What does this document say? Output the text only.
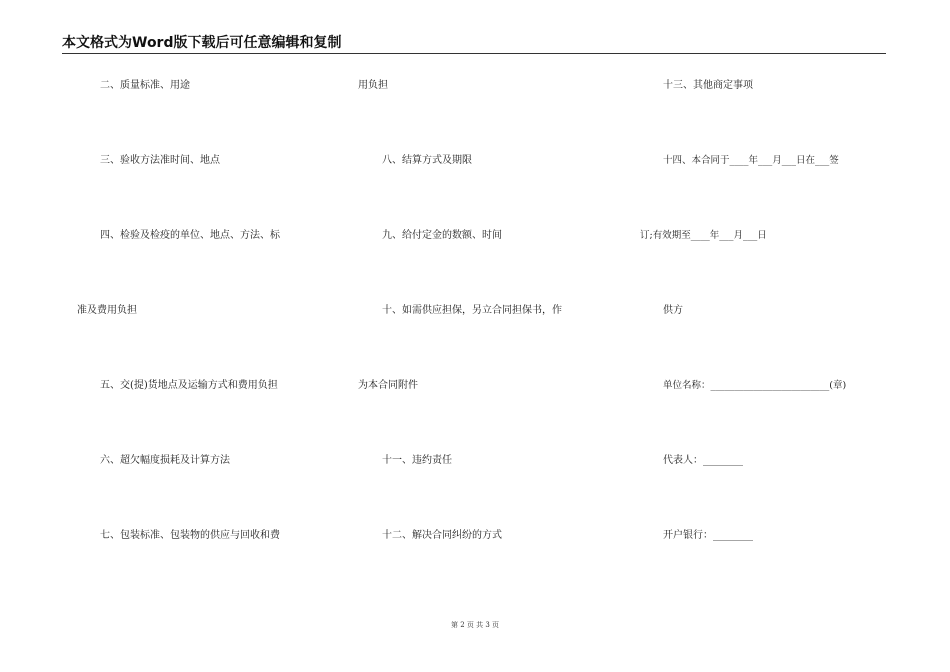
本文格式为Word版下载后可任意编辑和复制
二、质量标准、用途
三、验收方法准时间、地点
四、检验及检疫的单位、地点、方法、标
准及费用负担
五、交(提)货地点及运输方式和费用负担
六、超欠幅度损耗及计算方法
七、包装标准、包装物的供应与回收和费
用负担
八、结算方式及期限
九、给付定金的数额、时间
十、如需供应担保，另立合同担保书，作
为本合同附件
十一、违约责任
十二、解决合同纠纷的方式
十三、其他商定事项
十四、本合同于____年___月___日在___签
订;有效期至____年___月___日
供方
单位名称：_________________________(章)
代表人：________
开户银行：________
第 2 页 共 3 页
